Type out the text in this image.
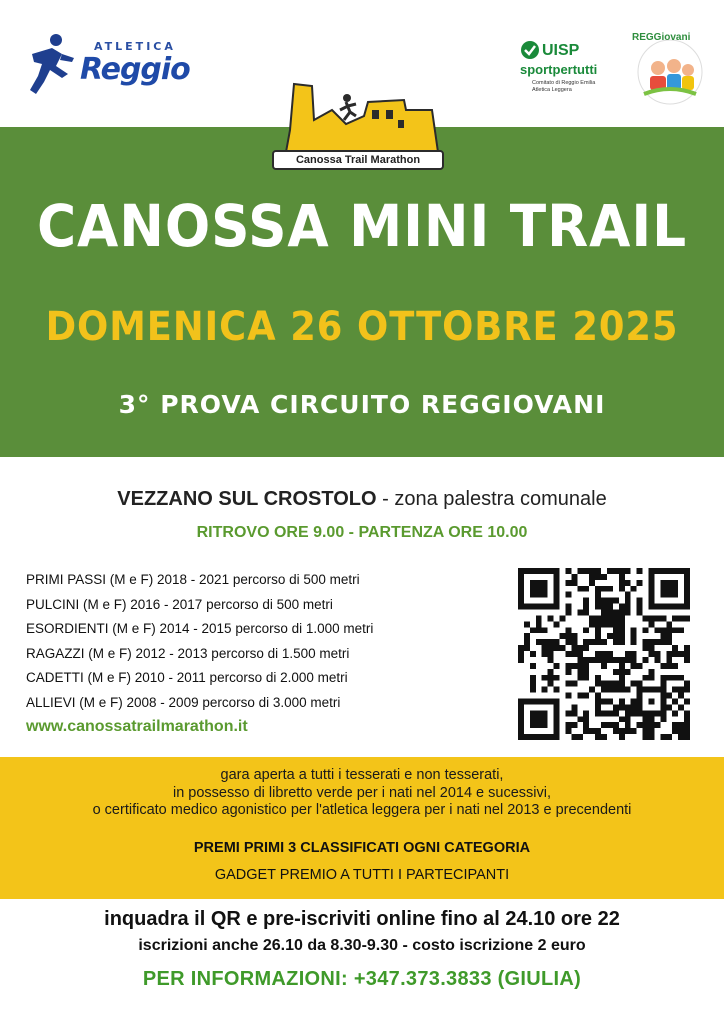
ATLETICA
Reggio
UISP
sportpertutti
Comitato di Reggio Emilia Atletica Leggera
REGGiovani
Canossa Trail Marathon
CANOSSA MINI TRAIL
DOMENICA 26 OTTOBRE 2025
3° PROVA CIRCUITO REGGIOVANI
VEZZANO SUL CROSTOLO - zona palestra comunale
RITROVO ORE 9.00 - PARTENZA ORE 10.00
PRIMI PASSI (M e F) 2018 - 2021 percorso di 500 metri
PULCINI (M e F) 2016 - 2017 percorso di 500 metri
ESORDIENTI (M e F) 2014 - 2015 percorso di 1.000 metri
RAGAZZI (M e F) 2012 - 2013 percorso di 1.500 metri
CADETTI (M e F) 2010 - 2011 percorso di 2.000 metri
ALLIEVI (M e F) 2008 - 2009 percorso di 3.000 metri
www.canossatrailmarathon.it
gara aperta a tutti i tesserati e non tesserati,
in possesso di libretto verde per i nati nel 2014 e sucessivi,
o certificato medico agonistico per l'atletica leggera per i nati nel 2013 e precendenti
PREMI PRIMI 3 CLASSIFICATI OGNI CATEGORIA
GADGET PREMIO A TUTTI I PARTECIPANTI
inquadra il QR e pre-iscriviti online fino al 24.10 ore 22
iscrizioni anche 26.10 da 8.30-9.30 - costo iscrizione 2 euro
PER INFORMAZIONI: +347.373.3833 (GIULIA)
